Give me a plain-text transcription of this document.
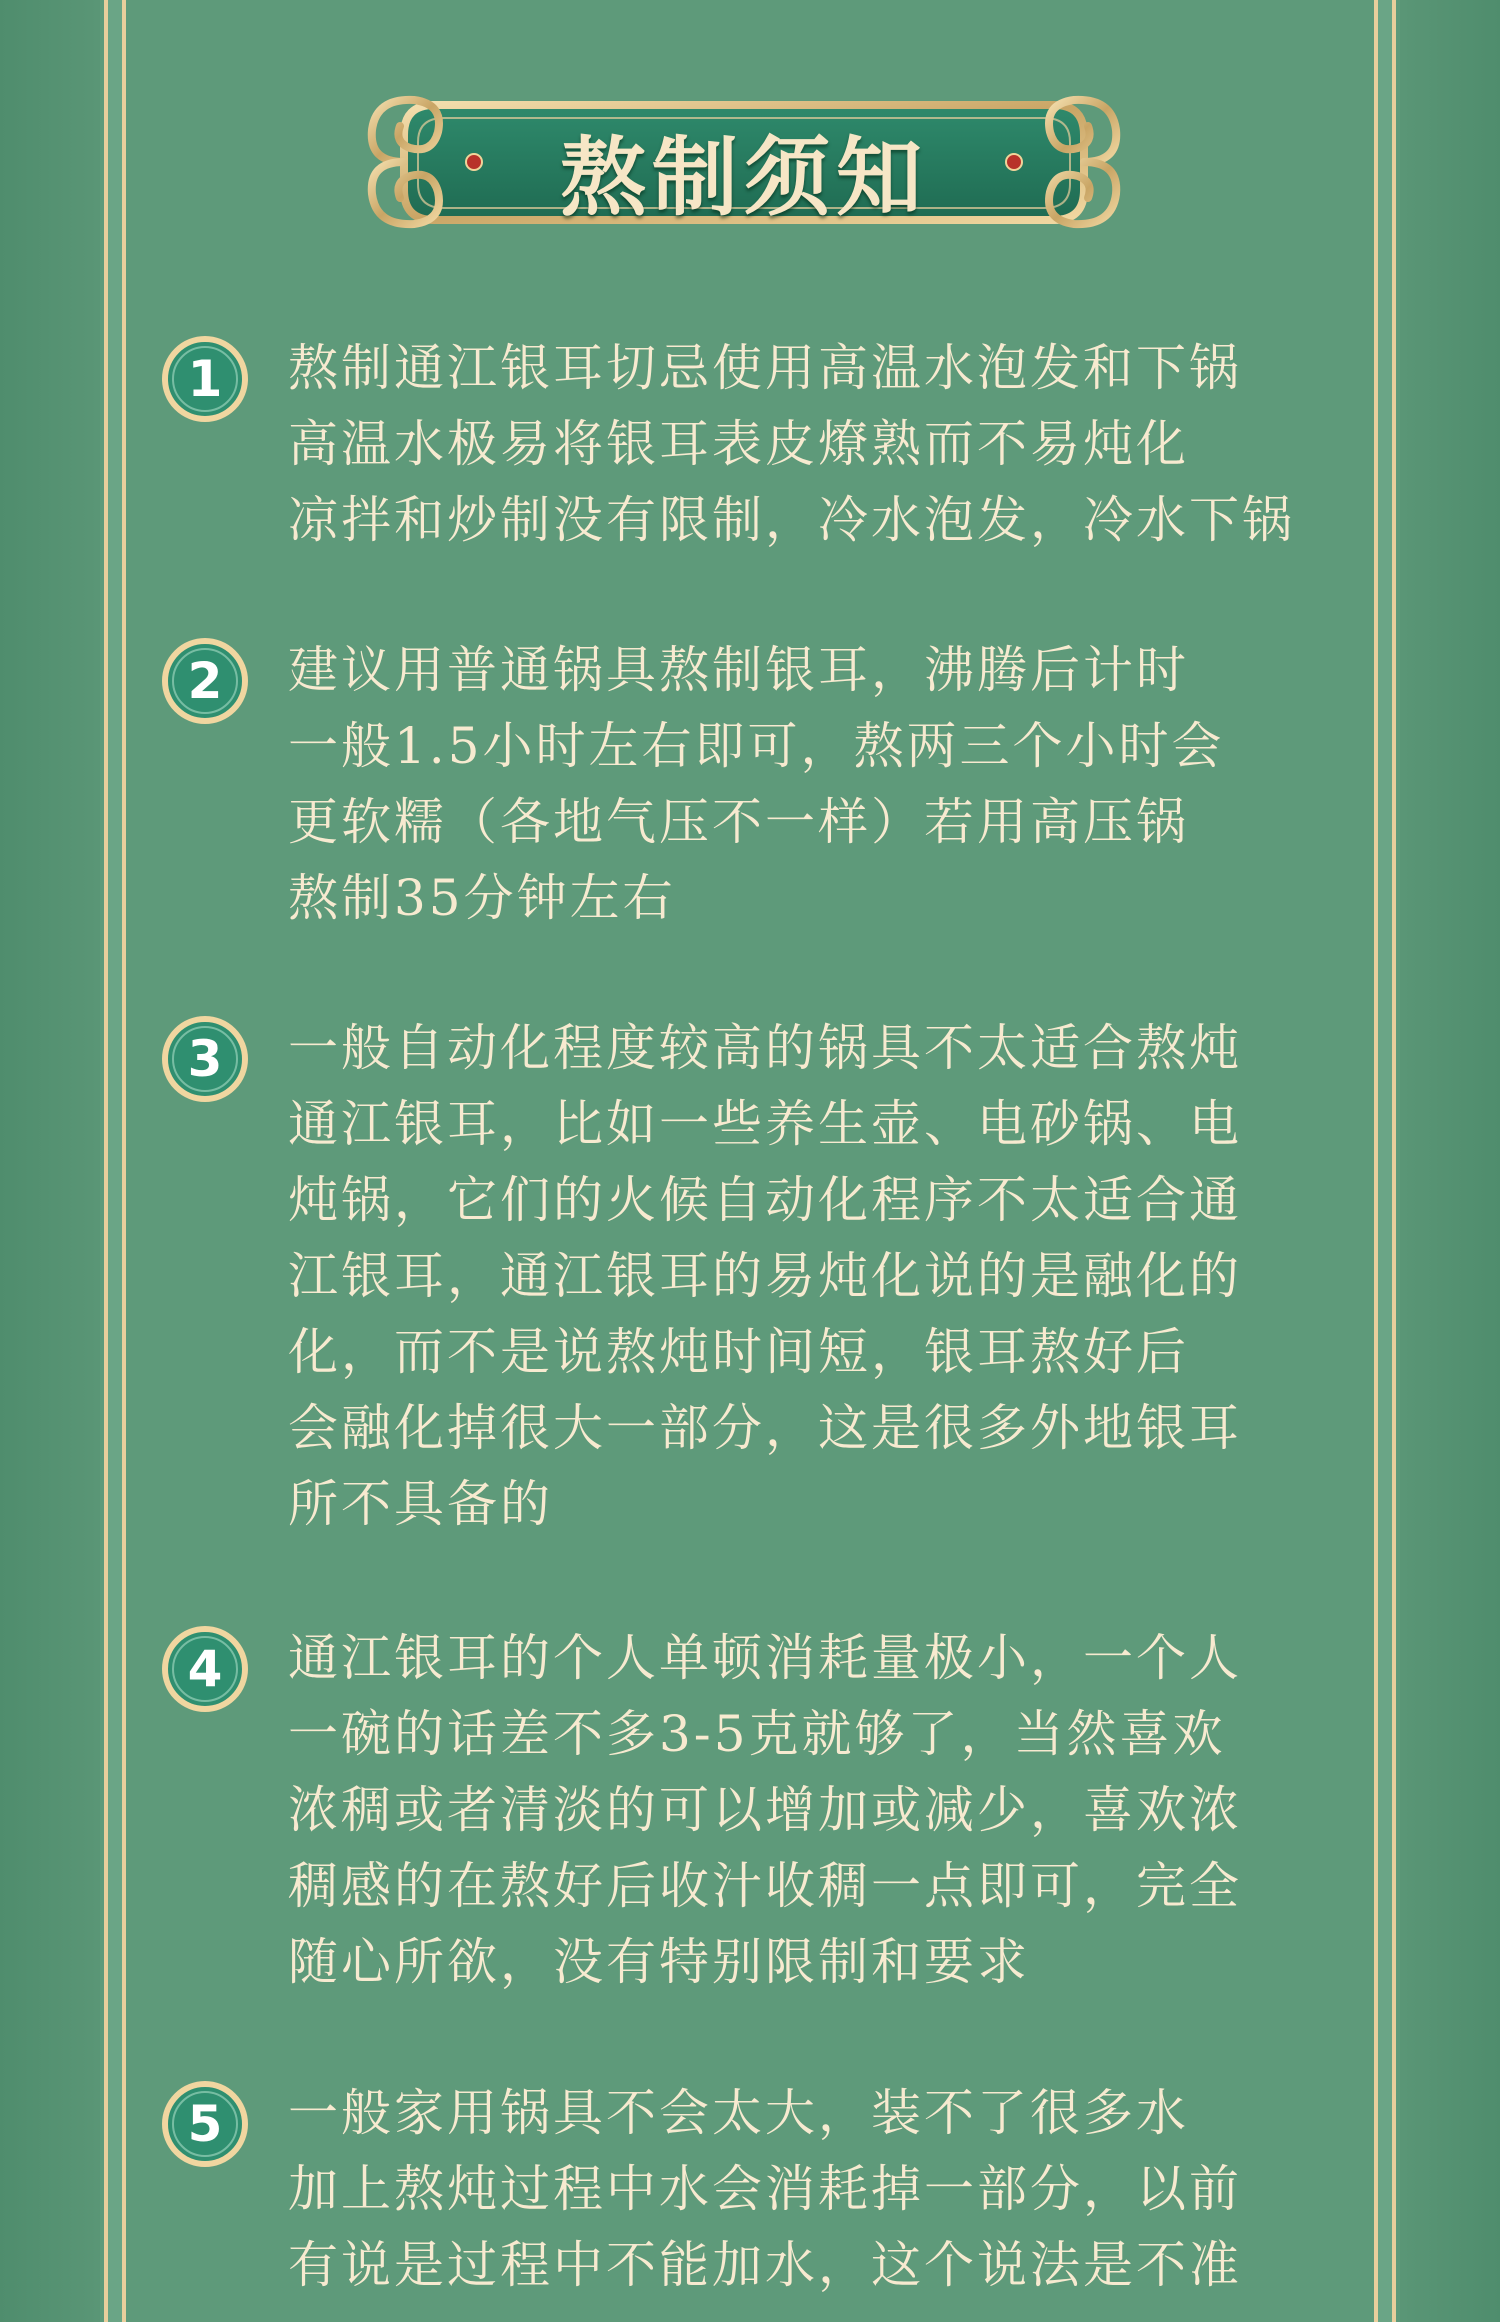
熬制须知
1	熬制通江银耳切忌使用高温水泡发和下锅
高温水极易将银耳表皮燎熟而不易炖化
凉拌和炒制没有限制，冷水泡发，冷水下锅
2	建议用普通锅具熬制银耳，沸腾后计时
一般1.5小时左右即可，熬两三个小时会
更软糯（各地气压不一样）若用高压锅
熬制35分钟左右
3	一般自动化程度较高的锅具不太适合熬炖
通江银耳，比如一些养生壶、电砂锅、电
炖锅，它们的火候自动化程序不太适合通
江银耳，通江银耳的易炖化说的是融化的
化，而不是说熬炖时间短，银耳熬好后
会融化掉很大一部分，这是很多外地银耳
所不具备的
4	通江银耳的个人单顿消耗量极小，一个人
一碗的话差不多3-5克就够了，当然喜欢
浓稠或者清淡的可以增加或减少，喜欢浓
稠感的在熬好后收汁收稠一点即可，完全
随心所欲，没有特别限制和要求
5	一般家用锅具不会太大，装不了很多水
加上熬炖过程中水会消耗掉一部分，以前
有说是过程中不能加水，这个说法是不准
